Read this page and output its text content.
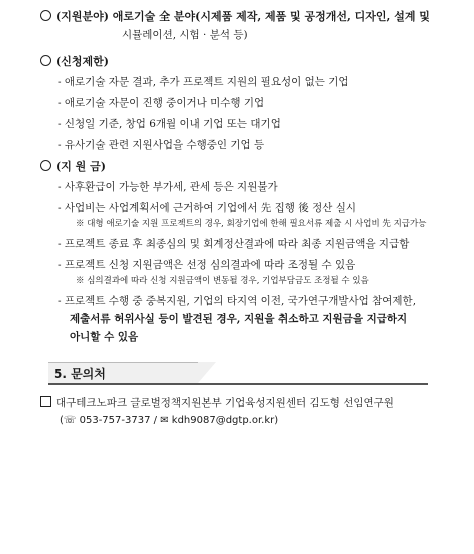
(지원분야) 애로기술 全 분야(시제품 제작, 제품 및 공정개선, 디자인, 설계 및
시뮬레이션, 시험 · 분석 등)
(신청제한)
- 애로기술 자문 결과, 추가 프로젝트 지원의 필요성이 없는 기업
- 애로기술 자문이 진행 중이거나 미수행 기업
- 신청일 기준, 창업 6개월 이내 기업 또는 대기업
- 유사기술 관련 지원사업을 수행중인 기업 등
(지 원 금)
- 사후환급이 가능한 부가세, 관세 등은 지원불가
- 사업비는 사업계획서에 근거하여 기업에서 先 집행 後 정산 실시
※ 대형 애로기술 지원 프로젝트의 경우, 회장기업에 한해 필요서류 제출 시 사업비 先 지급가능
- 프로젝트 종료 후 최종심의 및 회계정산결과에 따라 최종 지원금액을 지급함
- 프로젝트 신청 지원금액은 선정 심의결과에 따라 조정될 수 있음
※ 심의결과에 따라 신청 지원금액이 변동될 경우, 기업부담금도 조정될 수 있음
- 프로젝트 수행 중 중복지원, 기업의 타지역 이전, 국가연구개발사업 참여제한,
제출서류 허위사실 등이 발견된 경우, 지원을 취소하고 지원금을 지급하지
아니할 수 있음
5. 문의처
대구테크노파크 글로벌정책지원본부 기업육성지원센터 김도형 선임연구원
(☏ 053-757-3737 / ✉ kdh9087@dgtp.or.kr)
